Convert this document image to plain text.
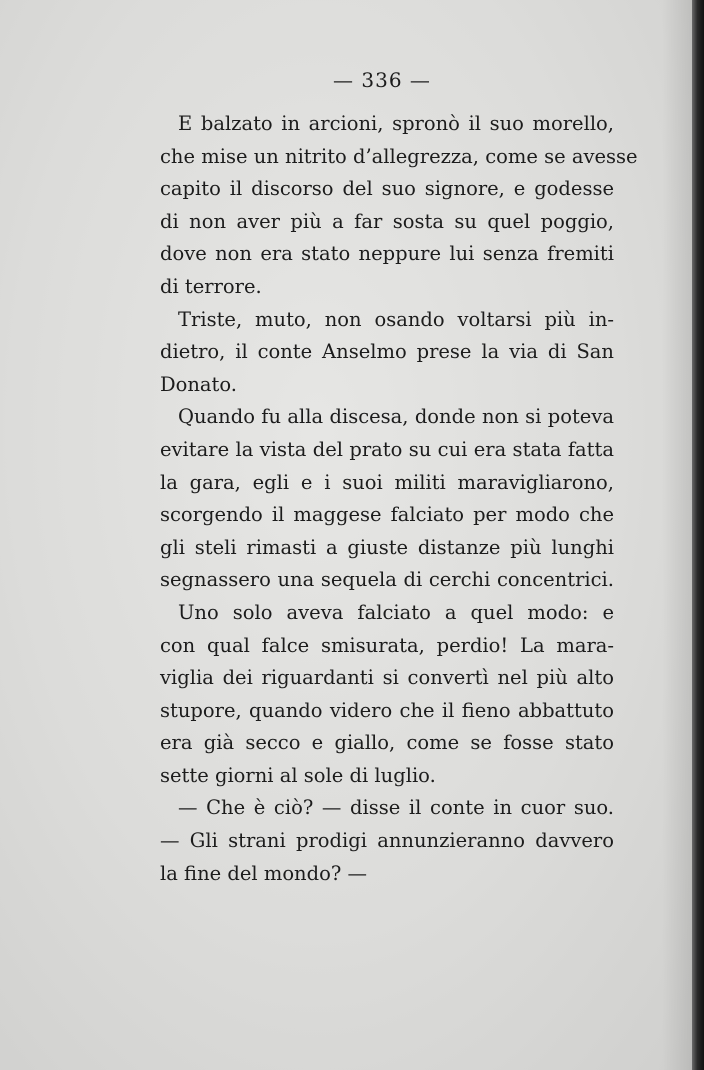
— 336 —
E balzato in arcioni, spronò il suo morello,
che mise un nitrito d’allegrezza, come se avesse
capito il discorso del suo signore, e godesse
di non aver più a far sosta su quel poggio,
dove non era stato neppure lui senza fremiti
di terrore.
Triste, muto, non osando voltarsi più in-
dietro, il conte Anselmo prese la via di San
Donato.
Quando fu alla discesa, donde non si poteva
evitare la vista del prato su cui era stata fatta
la gara, egli e i suoi militi maravigliarono,
scorgendo il maggese falciato per modo che
gli steli rimasti a giuste distanze più lunghi
segnassero una sequela di cerchi concentrici.
Uno solo aveva falciato a quel modo: e
con qual falce smisurata, perdio! La mara-
viglia dei riguardanti si convertì nel più alto
stupore, quando videro che il fieno abbattuto
era già secco e giallo, come se fosse stato
sette giorni al sole di luglio.
— Che è ciò? — disse il conte in cuor suo.
— Gli strani prodigi annunzieranno davvero
la fine del mondo? —
